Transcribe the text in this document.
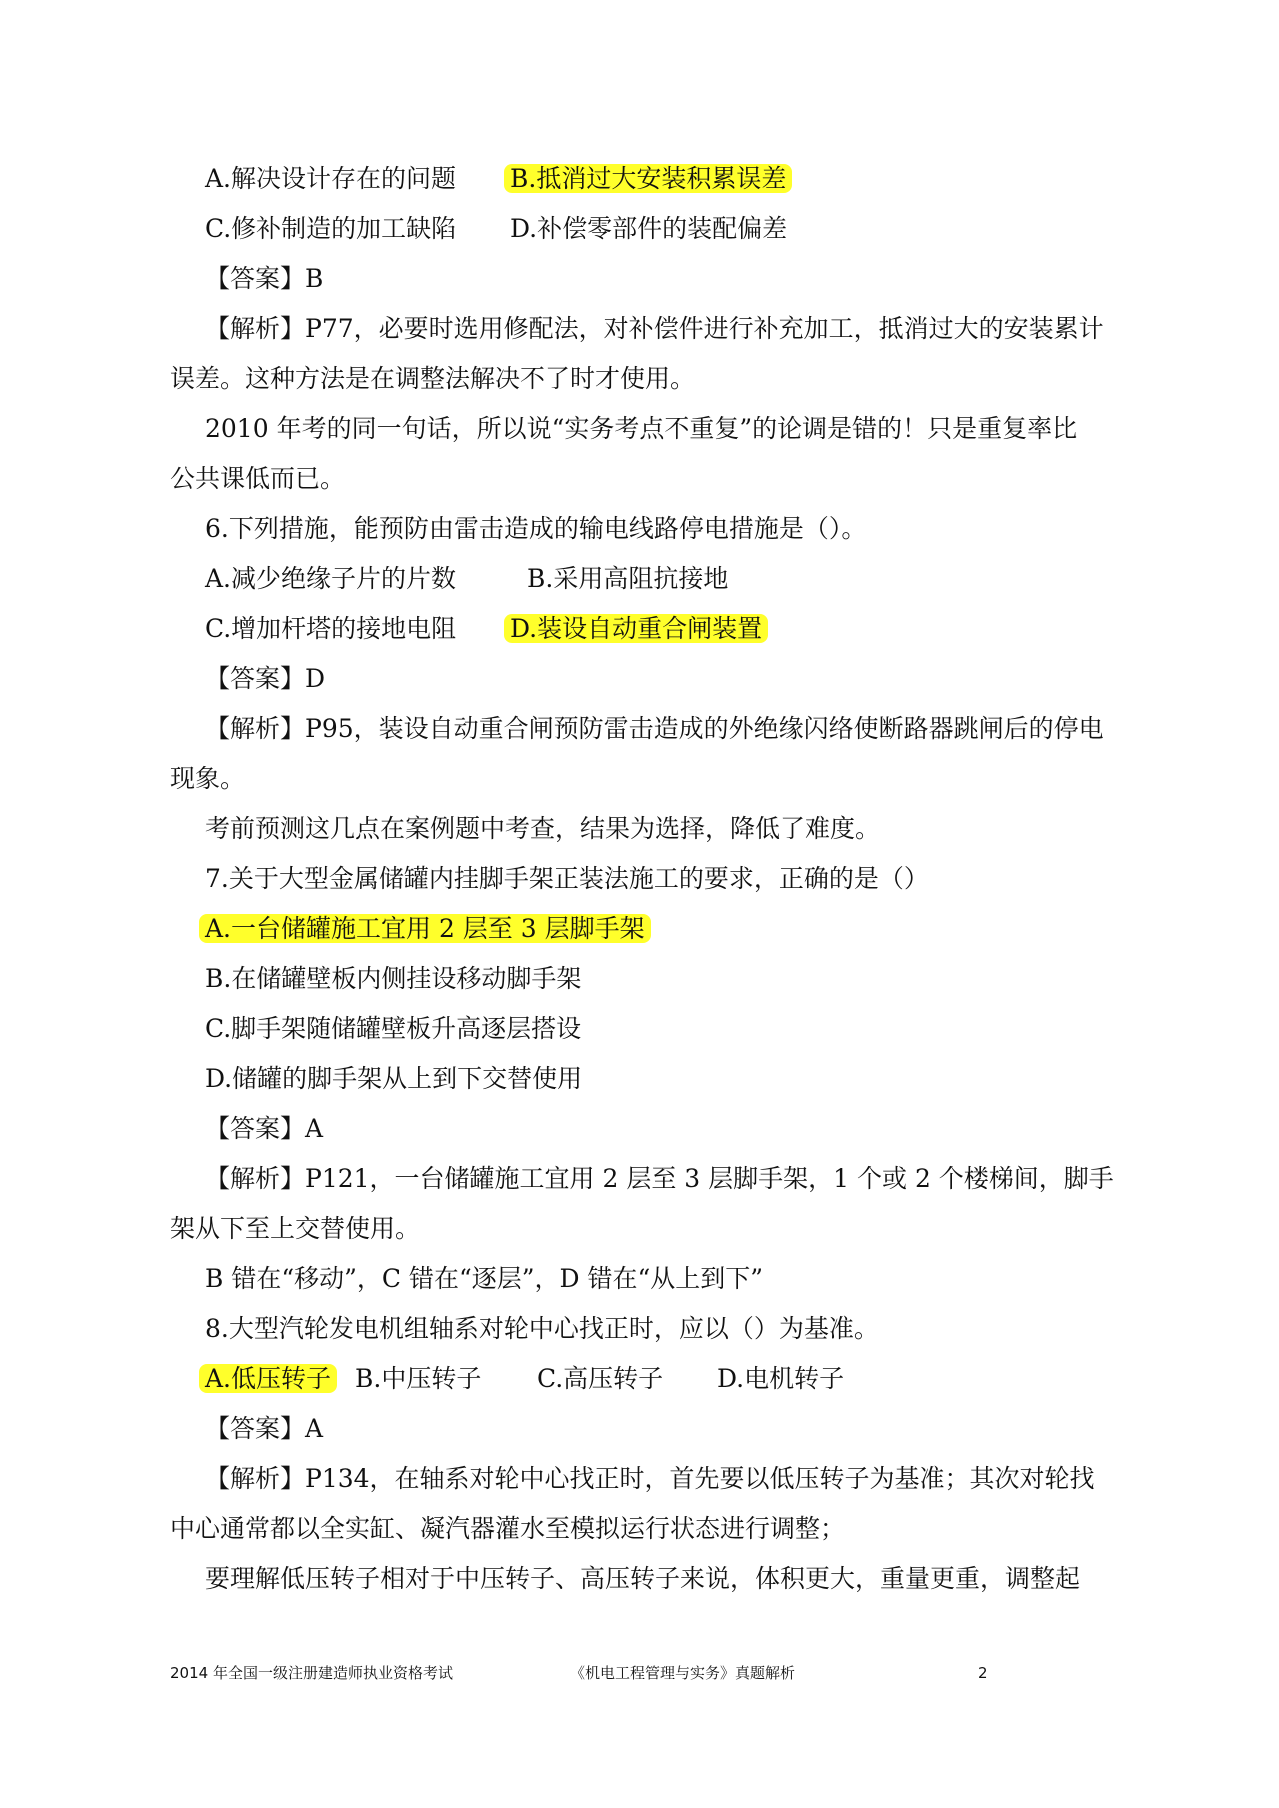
A.解决设计存在的问题 B.抵消过大安装积累误差
C.修补制造的加工缺陷 D.补偿零部件的装配偏差
【答案】B
【解析】P77，必要时选用修配法，对补偿件进行补充加工，抵消过大的安装累计
误差。这种方法是在调整法解决不了时才使用。
2010 年考的同一句话，所以说“实务考点不重复”的论调是错的！只是重复率比
公共课低而已。
6.下列措施，能预防由雷击造成的输电线路停电措施是（）。
A.减少绝缘子片的片数	B.采用高阻抗接地
C.增加杆塔的接地电阻 D.装设自动重合闸装置
【答案】D
【解析】P95，装设自动重合闸预防雷击造成的外绝缘闪络使断路器跳闸后的停电
现象。
考前预测这几点在案例题中考查，结果为选择，降低了难度。
7.关于大型金属储罐内挂脚手架正装法施工的要求，正确的是（）
A.一台储罐施工宜用 2 层至 3 层脚手架
B.在储罐壁板内侧挂设移动脚手架
C.脚手架随储罐壁板升高逐层搭设
D.储罐的脚手架从上到下交替使用
【答案】A
【解析】P121，一台储罐施工宜用 2 层至 3 层脚手架，1 个或 2 个楼梯间，脚手
架从下至上交替使用。
B 错在“移动”，C 错在“逐层”，D 错在“从上到下”
8.大型汽轮发电机组轴系对轮中心找正时，应以（）为基准。
A.低压转子 B.中压转子 C.高压转子 D.电机转子
【答案】A
【解析】P134，在轴系对轮中心找正时，首先要以低压转子为基准；其次对轮找
中心通常都以全实缸、凝汽器灌水至模拟运行状态进行调整；
要理解低压转子相对于中压转子、高压转子来说，体积更大，重量更重，调整起
2014 年全国一级注册建造师执业资格考试	《机电工程管理与实务》真题解析	2
